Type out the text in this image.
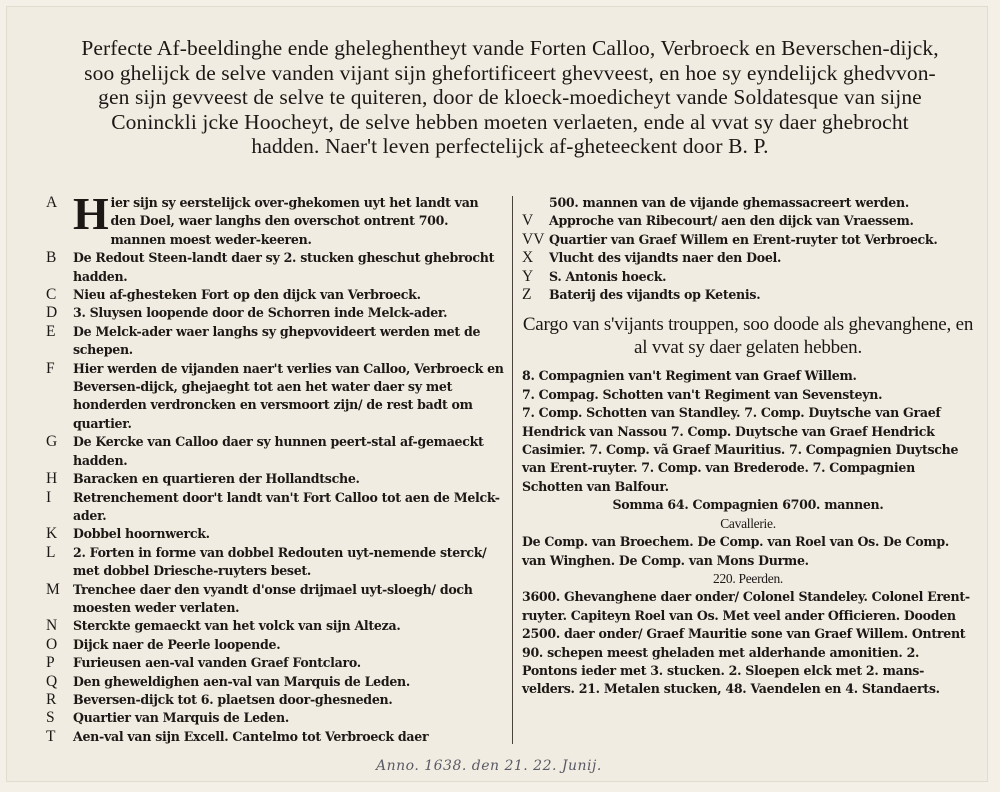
Perfecte Af-beeldinghe ende gheleghentheyt vande Forten Calloo, Verbroeck en Beverschen-dijck,
soo ghelijck de selve vanden vijant sijn ghefortificeert ghevveest, en hoe sy eyndelijck ghedvvon-
gen sijn gevveest de selve te quiteren, door de kloeck-moedicheyt vande Soldatesque van sijne
Coninckli jcke Hoocheyt, de selve hebben moeten verlaeten, ende al vvat sy daer ghebrocht
hadden. Naer't leven perfectelijck af-gheteeckent door B. P.
A Hier sijn sy eerstelijck over-ghekomen uyt het landt van den Doel, waer langhs den overschot ontrent 700. mannen moest weder-keeren.
B	De Redout Steen-landt daer sy 2. stucken gheschut ghebrocht hadden.
C	Nieu af-ghesteken Fort op den dijck van Verbroeck.
D	3. Sluysen loopende door de Schorren inde Melck-ader.
E	De Melck-ader waer langhs sy ghepvovideert werden met de schepen.
F	Hier werden de vijanden naer't verlies van Calloo, Verbroeck en Beversen-dijck, ghejaeght tot aen het water daer sy met honderden verdroncken en versmoort zijn/ de rest badt om quartier.
G	De Kercke van Calloo daer sy hunnen peert-stal af-gemaeckt hadden.
H	Baracken en quartieren der Hollandtsche.
I	Retrenchement door't landt van't Fort Calloo tot aen de Melck-ader.
K	Dobbel hoornwerck.
L	2. Forten in forme van dobbel Redouten uyt-nemende sterck/ met dobbel Driesche-ruyters beset.
M	Trenchee daer den vyandt d'onse drijmael uyt-sloegh/ doch moesten weder verlaten.
N	Sterckte gemaeckt van het volck van sijn Alteza.
O	Dijck naer de Peerle loopende.
P	Furieusen aen-val vanden Graef Fontclaro.
Q	Den gheweldighen aen-val van Marquis de Leden.
R	Beversen-dijck tot 6. plaetsen door-ghesneden.
S	Quartier van Marquis de Leden.
T	Aen-val van sijn Excell. Cantelmo tot Verbroeck daer
500. mannen van de vijande ghemassacreert werden.
V	Approche van Ribecourt/ aen den dijck van Vraessem.
VV Quartier van Graef Willem en Erent-ruyter tot Verbroeck.
X	Vlucht des vijandts naer den Doel.
Y	S. Antonis hoeck.
Z	Baterij des vijandts op Ketenis.
Cargo van s'vijants trouppen, soo doode als ghevanghene, en al vvat sy daer gelaten hebben.
8. Compagnien van't Regiment van Graef Willem.
7. Compag. Schotten van't Regiment van Sevensteyn.
7. Comp. Schotten van Standley. 7. Comp. Duytsche van Graef Hendrick van Nassou 7. Comp. Duytsche van Graef Hendrick Casimier. 7. Comp. vã Graef Mauritius. 7. Compagnien Duytsche van Erent-ruyter. 7. Comp. van Brederode. 7. Compagnien Schotten van Balfour.
Somma 64. Compagnien 6700. mannen.
Cavallerie.
De Comp. van Broechem. De Comp. van Roel van Os. De Comp. van Winghen. De Comp. van Mons Durme.
220. Peerden.
3600. Ghevanghene daer onder/ Colonel Standeley. Colonel Erent-ruyter. Capiteyn Roel van Os. Met veel ander Officieren. Dooden 2500. daer onder/ Graef Mauritie sone van Graef Willem. Ontrent 90. schepen meest gheladen met alderhande amonitien. 2. Pontons ieder met 3. stucken. 2. Sloepen elck met 2. mans-velders. 21. Metalen stucken, 48. Vaendelen en 4. Standaerts.
Anno. 1638. den 21. 22. Junij.
